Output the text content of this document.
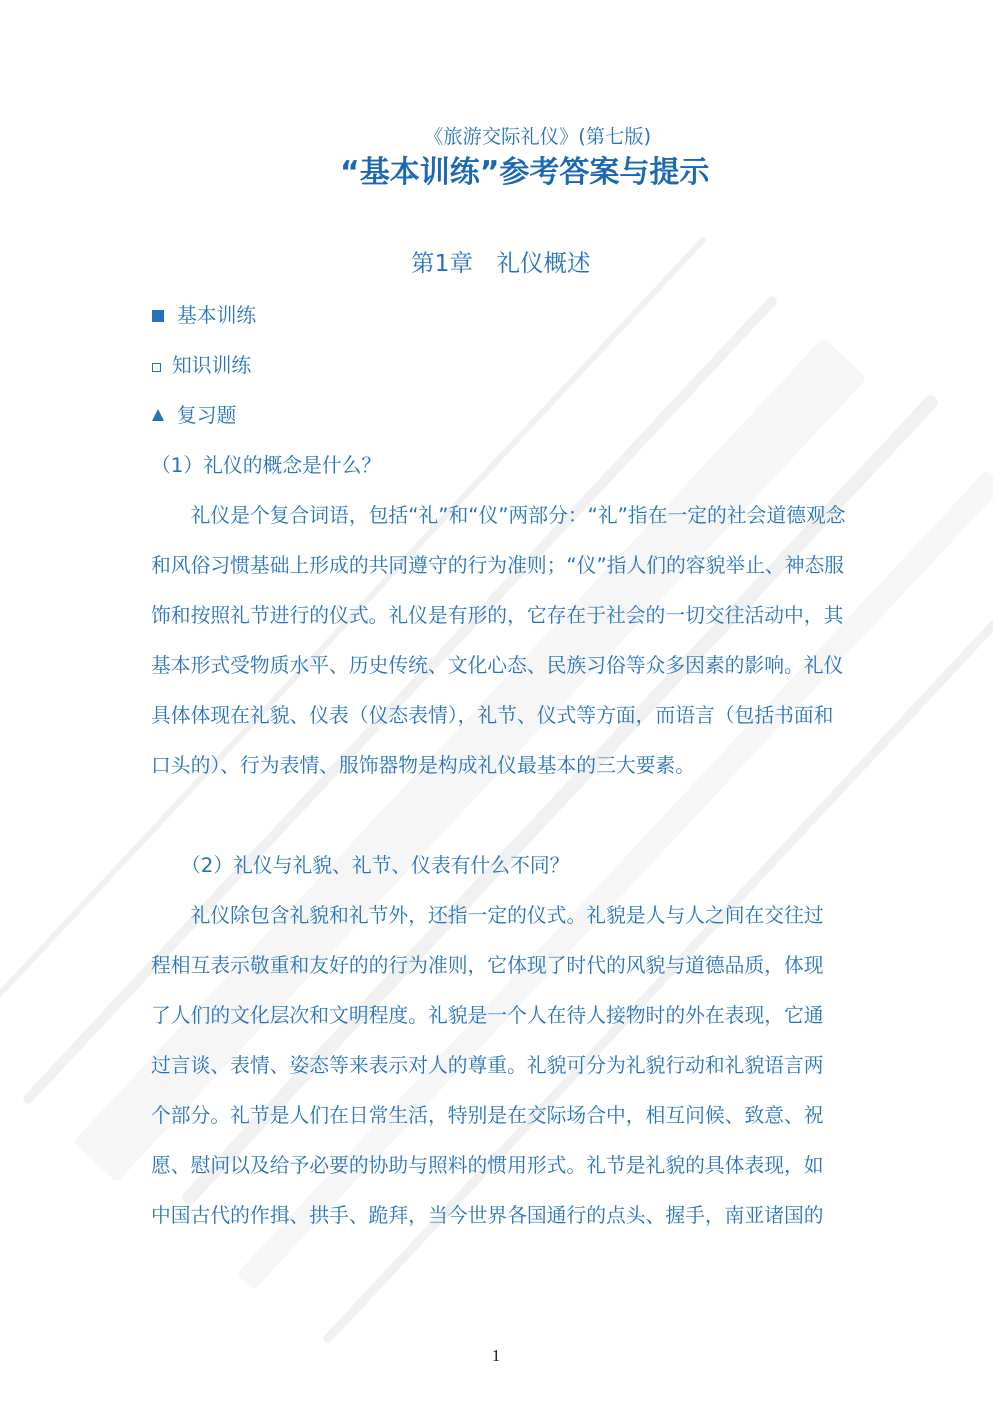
《旅游交际礼仪》(第七版)
“基本训练”参考答案与提示
第1章　礼仪概述
基本训练
知识训练
复习题
（1）礼仪的概念是什么？
礼仪是个复合词语，包括“礼”和“仪”两部分：“礼”指在一定的社会道德观念
和风俗习惯基础上形成的共同遵守的行为准则；“仪”指人们的容貌举止、神态服
饰和按照礼节进行的仪式。礼仪是有形的，它存在于社会的一切交往活动中，其
基本形式受物质水平、历史传统、文化心态、民族习俗等众多因素的影响。礼仪
具体体现在礼貌、仪表（仪态表情），礼节、仪式等方面，而语言（包括书面和
口头的）、行为表情、服饰器物是构成礼仪最基本的三大要素。
（2）礼仪与礼貌、礼节、仪表有什么不同？
礼仪除包含礼貌和礼节外，还指一定的仪式。礼貌是人与人之间在交往过
程相互表示敬重和友好的的行为准则，它体现了时代的风貌与道德品质，体现
了人们的文化层次和文明程度。礼貌是一个人在待人接物时的外在表现，它通
过言谈、表情、姿态等来表示对人的尊重。礼貌可分为礼貌行动和礼貌语言两
个部分。礼节是人们在日常生活，特别是在交际场合中，相互问候、致意、祝
愿、慰问以及给予必要的协助与照料的惯用形式。礼节是礼貌的具体表现，如
中国古代的作揖、拱手、跪拜，当今世界各国通行的点头、握手，南亚诸国的
1
